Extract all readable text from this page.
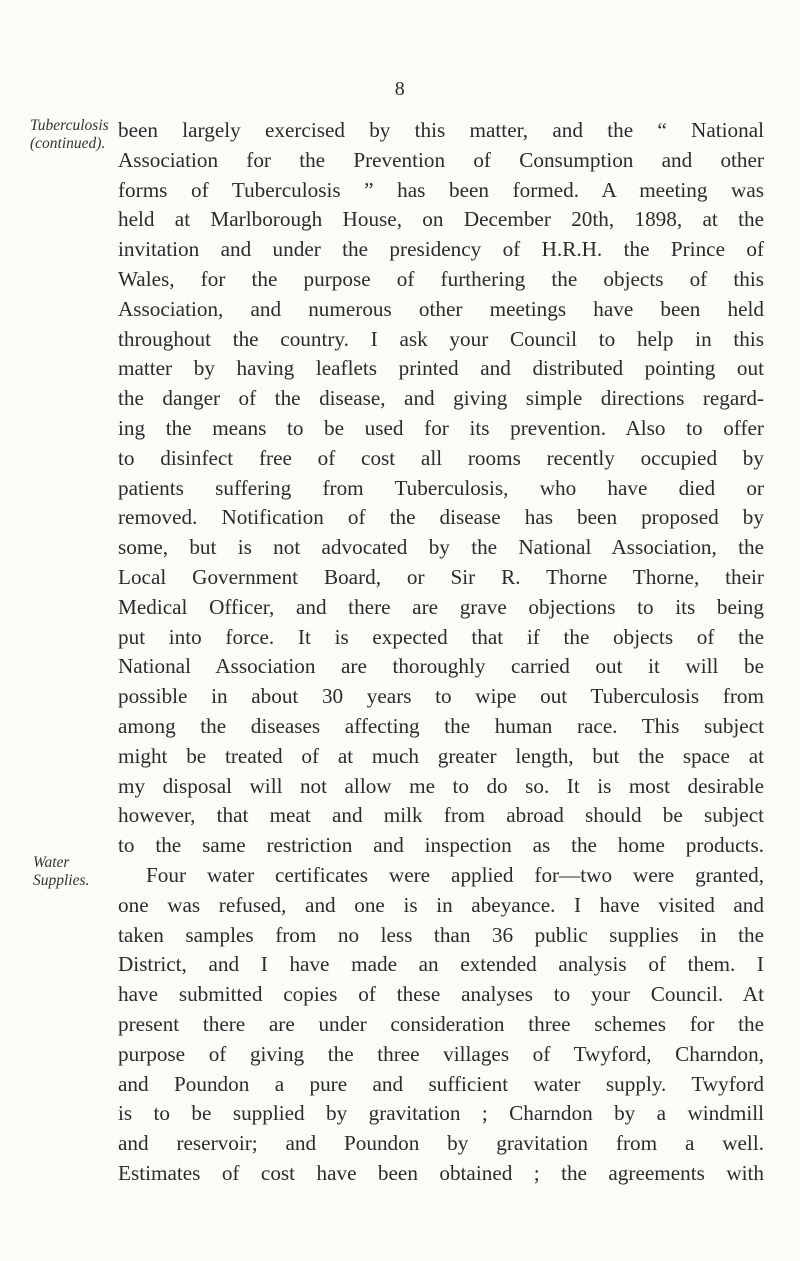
8
Tuberculosis
(continued).
Water
Supplies.
been largely exercised by this matter, and the “ National
Association for the Prevention of Consumption and other
forms of Tuberculosis ” has been formed. A meeting was
held at Marlborough House, on December 20th, 1898, at the
invitation and under the presidency of H.R.H. the Prince of
Wales, for the purpose of furthering the objects of this
Association, and numerous other meetings have been held
throughout the country. I ask your Council to help in this
matter by having leaflets printed and distributed pointing out
the danger of the disease, and giving simple directions regard-
ing the means to be used for its prevention. Also to offer
to disinfect free of cost all rooms recently occupied by
patients suffering from Tuberculosis, who have died or
removed. Notification of the disease has been proposed by
some, but is not advocated by the National Association, the
Local Government Board, or Sir R. Thorne Thorne, their
Medical Officer, and there are grave objections to its being
put into force. It is expected that if the objects of the
National Association are thoroughly carried out it will be
possible in about 30 years to wipe out Tuberculosis from
among the diseases affecting the human race. This subject
might be treated of at much greater length, but the space at
my disposal will not allow me to do so. It is most desirable
however, that meat and milk from abroad should be subject
to the same restriction and inspection as the home products.
Four water certificates were applied for—two were granted,
one was refused, and one is in abeyance. I have visited and
taken samples from no less than 36 public supplies in the
District, and I have made an extended analysis of them. I
have submitted copies of these analyses to your Council. At
present there are under consideration three schemes for the
purpose of giving the three villages of Twyford, Charndon,
and Poundon a pure and sufficient water supply. Twyford
is to be supplied by gravitation ; Charndon by a windmill
and reservoir; and Poundon by gravitation from a well.
Estimates of cost have been obtained ; the agreements with
